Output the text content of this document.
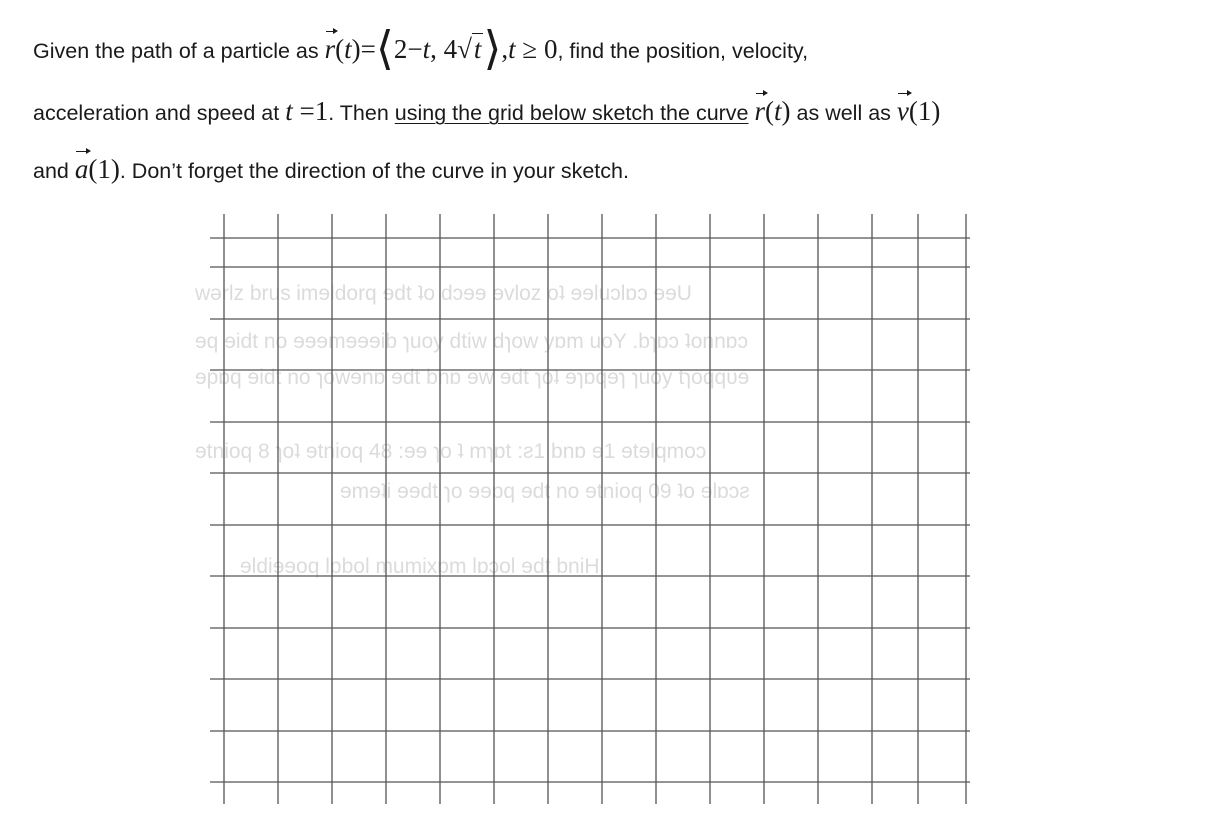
wərlz brus Ꭵmɘldorq ɘdt ʇo dɔɘɘ ɘvloz oʇ ɘɘluɔlɒɔ ɘɘU
ɘq ɘidt no ɘɘɘmɘɘɘib ɿuoy dtiw dɿow yɒm uoY .bɿɒɔ ʇonnɒɔ
ɘpɒq ɘidt no ɿowɘnɒ ɘdt bnɒ ɘw ɘdt ɿoʇ ɘɿɒqɘɿ ɿuoy tɿoqqυɘ
ɘtnioq 8 ɿoʇ ɘtnioq 48 :ɘɘ ɿo ʇ mɿɒt :ƨ1 bnɒ ɘ1 ɘtɘlqmoɔ
ɘmɘʇi ɘɘdt ɿo ɘɘɒq ɘdt no ɘtnioq 09 ʇo ɘlɒɔƨ
ɘldiɘɘoq lɒbol mumixɒm lɒɔol ɘdt bniH
Given the path of a particle as r(t)=⟨2−t, 4√t⟩,t ≥ 0, find the position, velocity,
acceleration and speed at t =1. Then using the grid below sketch the curve r(t) as well as v(1)
and a(1). Don’t forget the direction of the curve in your sketch.
